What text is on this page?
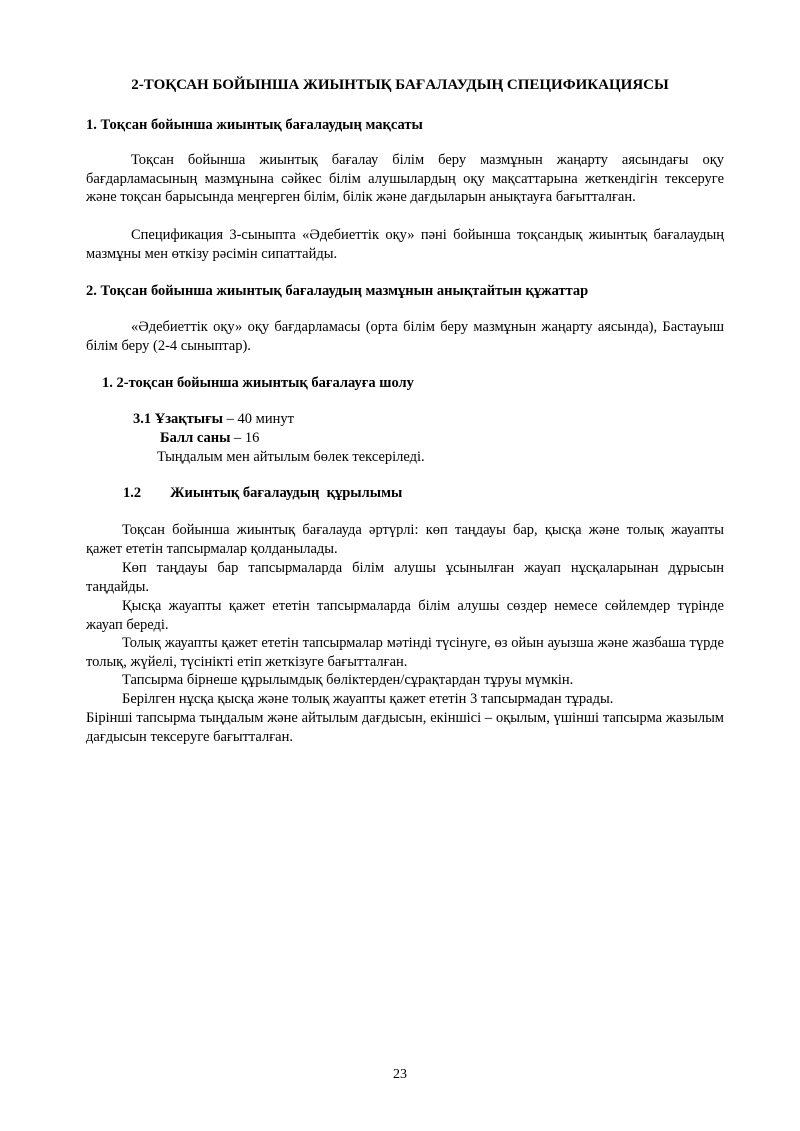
2-ТОҚСАН БОЙЫНША ЖИЫНТЫҚ БАҒАЛАУДЫҢ СПЕЦИФИКАЦИЯСЫ
1. Тоқсан бойынша жиынтық бағалаудың мақсаты
Тоқсан бойынша жиынтық бағалау білім беру мазмұнын жаңарту аясындағы оқу бағдарламасының мазмұнына сәйкес білім алушылардың оқу мақсаттарына жеткендігін тексеруге және тоқсан барысында меңгерген білім, білік және дағдыларын анықтауға бағытталған.
Спецификация 3-сыныпта «Әдебиеттік оқу» пәні бойынша тоқсандық жиынтық бағалаудың мазмұны мен өткізу рәсімін сипаттайды.
2. Тоқсан бойынша жиынтық бағалаудың мазмұнын анықтайтын құжаттар
«Әдебиеттік оқу» оқу бағдарламасы (орта білім беру мазмұнын жаңарту аясында), Бастауыш білім беру (2-4 сыныптар).
1. 2-тоқсан бойынша жиынтық бағалауға шолу
3.1 Ұзақтығы – 40 минут
Балл саны – 16
Тыңдалым мен айтылым бөлек тексеріледі.
1.2        Жиынтық бағалаудың  құрылымы
Тоқсан бойынша жиынтық бағалауда әртүрлі: көп таңдауы бар, қысқа және толық жауапты қажет ететін тапсырмалар қолданылады.
Көп таңдауы бар тапсырмаларда білім алушы ұсынылған жауап нұсқаларынан дұрысын таңдайды.
Қысқа жауапты қажет ететін тапсырмаларда білім алушы сөздер немесе сөйлемдер түрінде жауап береді.
Толық жауапты қажет ететін тапсырмалар мәтінді түсінуге, өз ойын ауызша және жазбаша түрде толық, жүйелі, түсінікті етіп жеткізуге бағытталған.
Тапсырма бірнеше құрылымдық бөліктерден/сұрақтардан тұруы мүмкін.
Берілген нұсқа қысқа және толық жауапты қажет ететін 3 тапсырмадан тұрады.
Бірінші тапсырма тыңдалым және айтылым дағдысын, екіншісі – оқылым, үшінші тапсырма жазылым дағдысын тексеруге бағытталған.
23
